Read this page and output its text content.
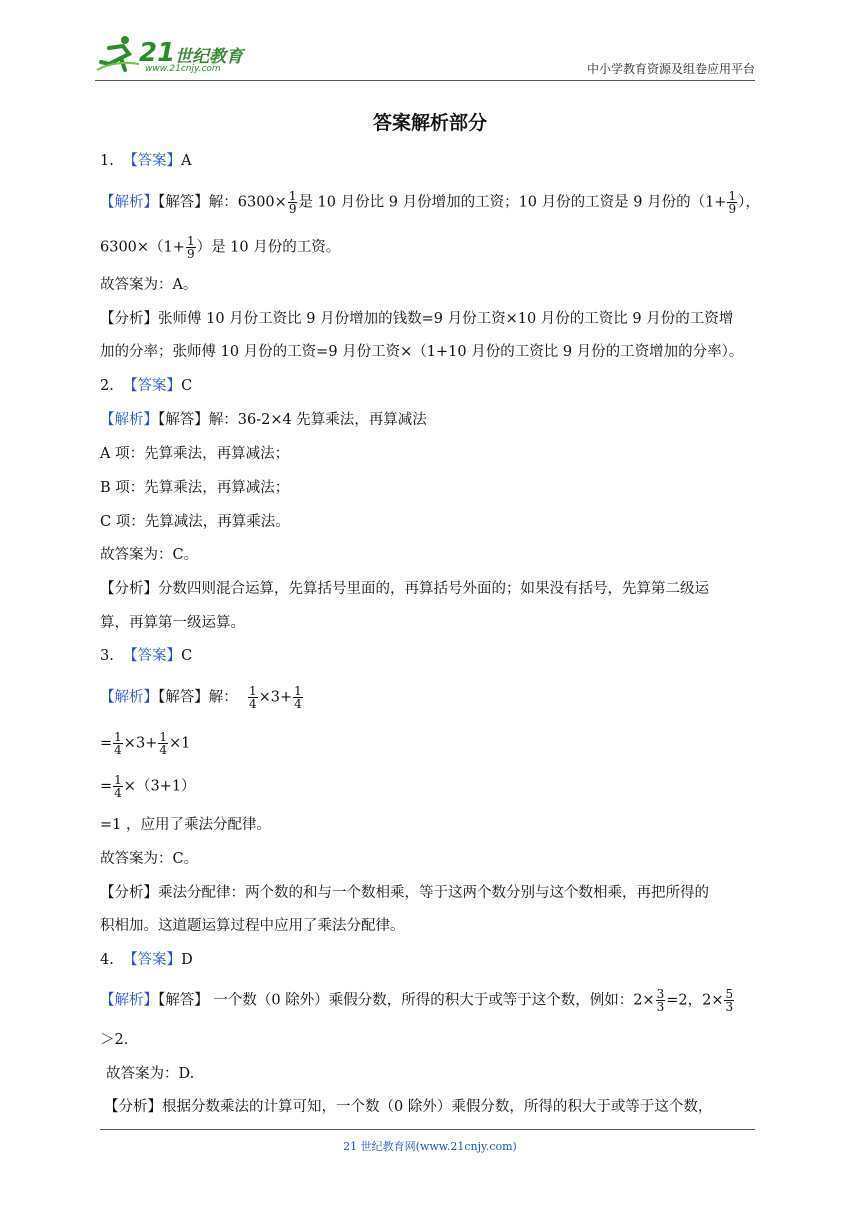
21 世纪教育
www.21cnjy.com	中小学教育资源及组卷应用平台
答案解析部分
1. 【答案】A
【解析】【解答】解：$6300\times \frac{1}{9}$ 是 10 月份比 9 月份增加的工资；10 月份的工资是 9 月份的（$1+ \frac{1}{9}$ ），
$6300\times(1+ \frac{1}{9}$ ）是 10 月份的工资。
故答案为：A。
【分析】张师傅 10 月份工资比 9 月份增加的钱数=9 月份工资×10 月份的工资比 9 月份的工资增
加的分率；张师傅 10 月份的工资=9 月份工资×（1+10 月份的工资比 9 月份的工资增加的分率）。
2. 【答案】C
【解析】【解答】解：36-2×4 先算乘法，再算减法
A 项：先算乘法，再算减法；
B 项：先算乘法，再算减法；
C 项：先算减法，再算乘法。
故答案为：C。
【分析】分数四则混合运算，先算括号里面的，再算括号外面的；如果没有括号，先算第二级运
算，再算第一级运算。
3. 【答案】C
【解析】【解答】解： $\frac{1}{4} \times 3+ \frac{1}{4}$
= $\frac{1}{4} \times 3+ \frac{1}{4} \times 1$
= $\frac{1}{4} \times(3+1)$
=1 ，应用了乘法分配律。
故答案为：C。
【分析】乘法分配律：两个数的和与一个数相乘，等于这两个数分别与这个数相乘，再把所得的
积相加。这道题运算过程中应用了乘法分配律。
4. 【答案】D
【解析】【解答】 一个数（0 除外）乘假分数，所得的积大于或等于这个数，例如：$2\times \frac{3}{3} =2$，$2\times \frac{5}{3}$
＞2.
故答案为：D.
【分析】根据分数乘法的计算可知，一个数（0 除外）乘假分数，所得的积大于或等于这个数，
21 世纪教育网(www.21cnjy.com)
